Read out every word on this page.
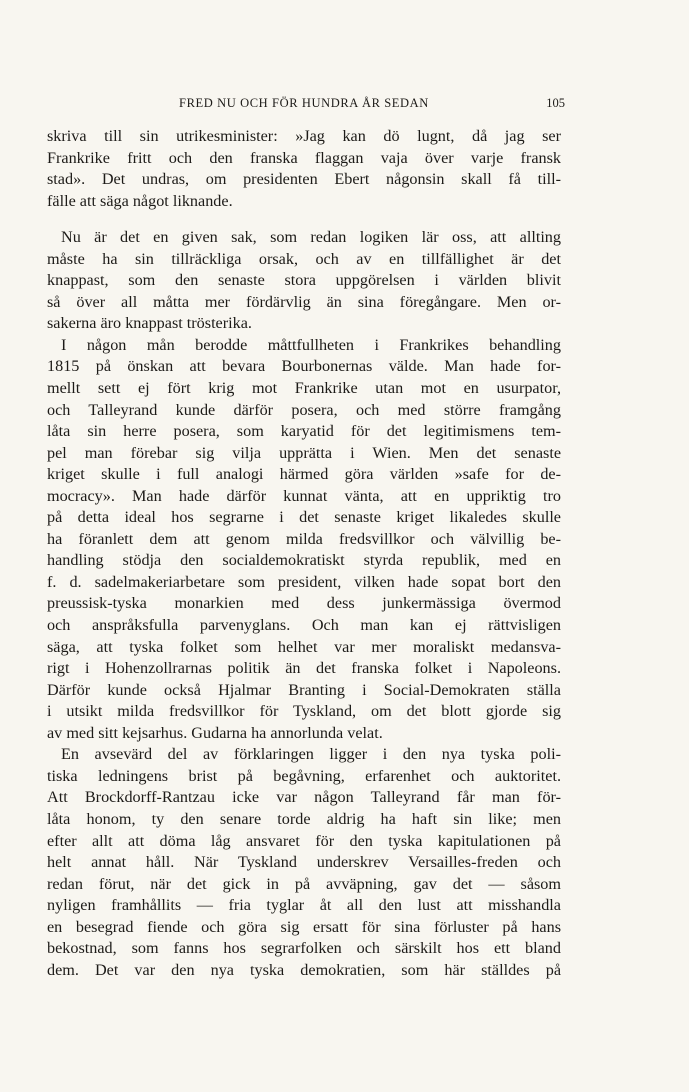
FRED NU OCH FÖR HUNDRA ÅR SEDAN	105
skriva till sin utrikesminister: »Jag kan dö lugnt, då jag ser
Frankrike fritt och den franska flaggan vaja över varje fransk
stad». Det undras, om presidenten Ebert någonsin skall få till-
fälle att säga något liknande.
Nu är det en given sak, som redan logiken lär oss, att allting
måste ha sin tillräckliga orsak, och av en tillfällighet är det
knappast, som den senaste stora uppgörelsen i världen blivit
så över all måtta mer fördärvlig än sina föregångare. Men or-
sakerna äro knappast trösterika.
I någon mån berodde måttfullheten i Frankrikes behandling
1815 på önskan att bevara Bourbonernas välde. Man hade for-
mellt sett ej fört krig mot Frankrike utan mot en usurpator,
och Talleyrand kunde därför posera, och med större framgång
låta sin herre posera, som karyatid för det legitimismens tem-
pel man förebar sig vilja upprätta i Wien. Men det senaste
kriget skulle i full analogi härmed göra världen »safe for de-
mocracy». Man hade därför kunnat vänta, att en uppriktig tro
på detta ideal hos segrarne i det senaste kriget likaledes skulle
ha föranlett dem att genom milda fredsvillkor och välvillig be-
handling stödja den socialdemokratiskt styrda republik, med en
f. d. sadelmakeriarbetare som president, vilken hade sopat bort den
preussisk-tyska monarkien med dess junkermässiga övermod
och anspråksfulla parvenyglans. Och man kan ej rättvisligen
säga, att tyska folket som helhet var mer moraliskt medansva-
rigt i Hohenzollrarnas politik än det franska folket i Napoleons.
Därför kunde också Hjalmar Branting i Social-Demokraten ställa
i utsikt milda fredsvillkor för Tyskland, om det blott gjorde sig
av med sitt kejsarhus. Gudarna ha annorlunda velat.
En avsevärd del av förklaringen ligger i den nya tyska poli-
tiska ledningens brist på begåvning, erfarenhet och auktoritet.
Att Brockdorff-Rantzau icke var någon Talleyrand får man för-
låta honom, ty den senare torde aldrig ha haft sin like; men
efter allt att döma låg ansvaret för den tyska kapitulationen på
helt annat håll. När Tyskland underskrev Versailles-freden och
redan förut, när det gick in på avväpning, gav det — såsom
nyligen framhållits — fria tyglar åt all den lust att misshandla
en besegrad fiende och göra sig ersatt för sina förluster på hans
bekostnad, som fanns hos segrarfolken och särskilt hos ett bland
dem. Det var den nya tyska demokratien, som här ställdes på
